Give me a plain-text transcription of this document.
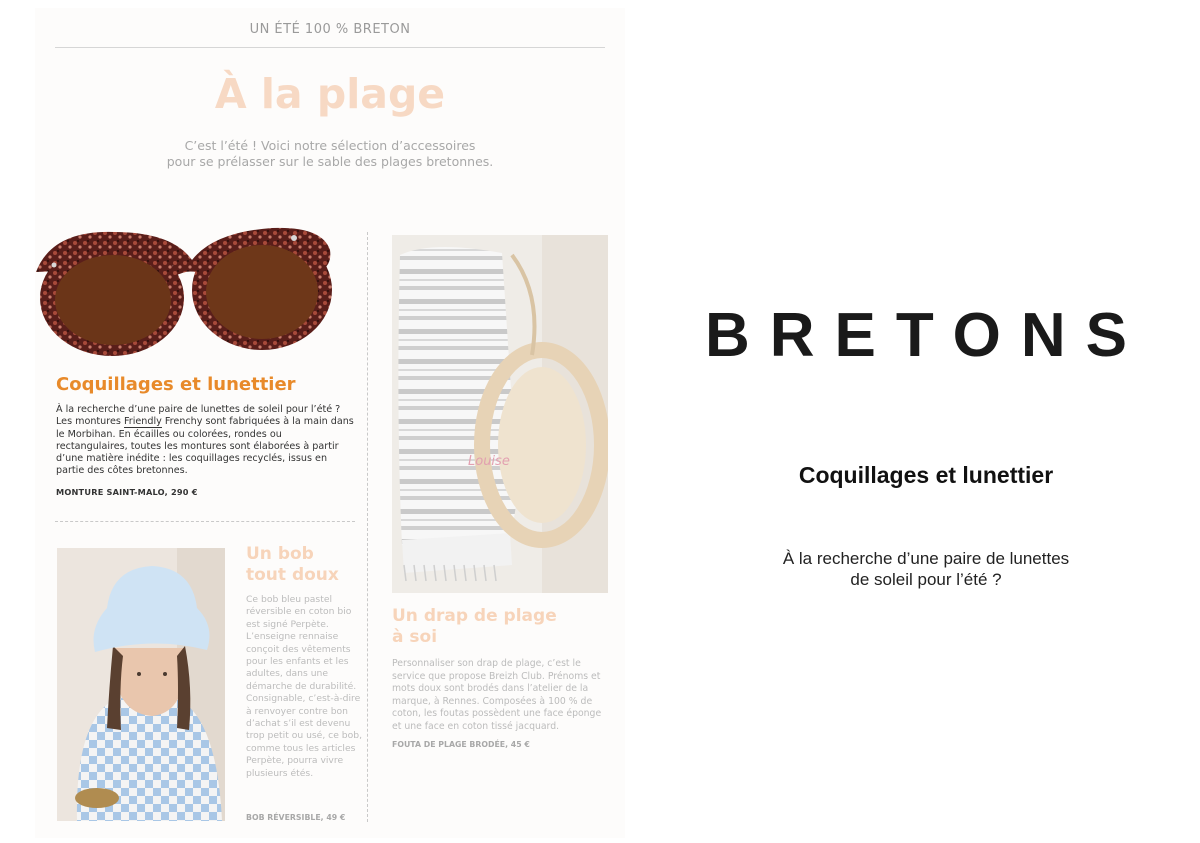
UN ÉTÉ 100 % BRETON
À la plage
C’est l’été ! Voici notre sélection d’accessoires
pour se prélasser sur le sable des plages bretonnes.
Coquillages et lunettier
À la recherche d’une paire de lunettes de soleil pour l’été ? Les montures Friendly Frenchy sont fabriquées à la main dans le Morbihan. En écailles ou colorées, rondes ou rectangulaires, toutes les montures sont élaborées à partir d’une matière inédite : les coquillages recyclés, issus en partie des côtes bretonnes.
MONTURE SAINT-MALO, 290 €
Un bob
tout doux
Ce bob bleu pastel réversible en coton bio est signé Perpète. L’enseigne rennaise conçoit des vêtements pour les enfants et les adultes, dans une démarche de durabilité. Consignable, c’est-à-dire à renvoyer contre bon d’achat s’il est devenu trop petit ou usé, ce bob, comme tous les articles Perpète, pourra vivre plusieurs étés.
BOB RÉVERSIBLE, 49 €
Louise
Un drap de plage
à soi
Personnaliser son drap de plage, c’est le service que propose Breizh Club. Prénoms et mots doux sont brodés dans l’atelier de la marque, à Rennes. Composées à 100 % de coton, les foutas possèdent une face éponge et une face en coton tissé jacquard.
FOUTA DE PLAGE BRODÉE, 45 €
BRETONS
Coquillages et lunettier
À la recherche d’une paire de lunettes
de soleil pour l’été ?
